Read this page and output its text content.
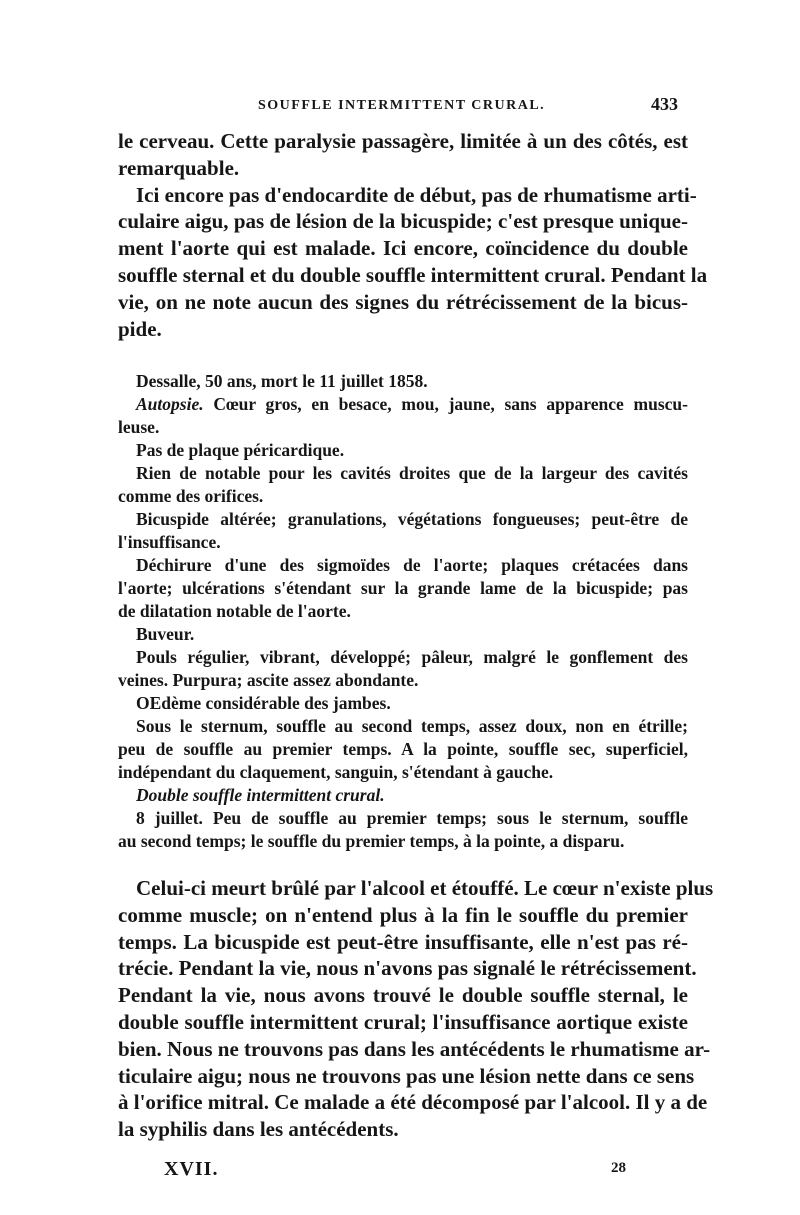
SOUFFLE INTERMITTENT CRURAL.	433
le cerveau. Cette paralysie passagère, limitée à un des côtés, est
remarquable.
Ici encore pas d'endocardite de début, pas de rhumatisme arti-
culaire aigu, pas de lésion de la bicuspide; c'est presque unique-
ment l'aorte qui est malade. Ici encore, coïncidence du double
souffle sternal et du double souffle intermittent crural. Pendant la
vie, on ne note aucun des signes du rétrécissement de la bicus-
pide.
Dessalle, 50 ans, mort le 11 juillet 1858.
Autopsie. Cœur gros, en besace, mou, jaune, sans apparence muscu-
leuse.
Pas de plaque péricardique.
Rien de notable pour les cavités droites que de la largeur des cavités
comme des orifices.
Bicuspide altérée; granulations, végétations fongueuses; peut-être de
l'insuffisance.
Déchirure d'une des sigmoïdes de l'aorte; plaques crétacées dans
l'aorte; ulcérations s'étendant sur la grande lame de la bicuspide; pas
de dilatation notable de l'aorte.
Buveur.
Pouls régulier, vibrant, développé; pâleur, malgré le gonflement des
veines. Purpura; ascite assez abondante.
OEdème considérable des jambes.
Sous le sternum, souffle au second temps, assez doux, non en étrille;
peu de souffle au premier temps. A la pointe, souffle sec, superficiel,
indépendant du claquement, sanguin, s'étendant à gauche.
Double souffle intermittent crural.
8 juillet. Peu de souffle au premier temps; sous le sternum, souffle
au second temps; le souffle du premier temps, à la pointe, a disparu.
Celui-ci meurt brûlé par l'alcool et étouffé. Le cœur n'existe plus
comme muscle; on n'entend plus à la fin le souffle du premier
temps. La bicuspide est peut-être insuffisante, elle n'est pas ré-
trécie. Pendant la vie, nous n'avons pas signalé le rétrécissement.
Pendant la vie, nous avons trouvé le double souffle sternal, le
double souffle intermittent crural; l'insuffisance aortique existe
bien. Nous ne trouvons pas dans les antécédents le rhumatisme ar-
ticulaire aigu; nous ne trouvons pas une lésion nette dans ce sens
à l'orifice mitral. Ce malade a été décomposé par l'alcool. Il y a de
la syphilis dans les antécédents.
XVII.	28
